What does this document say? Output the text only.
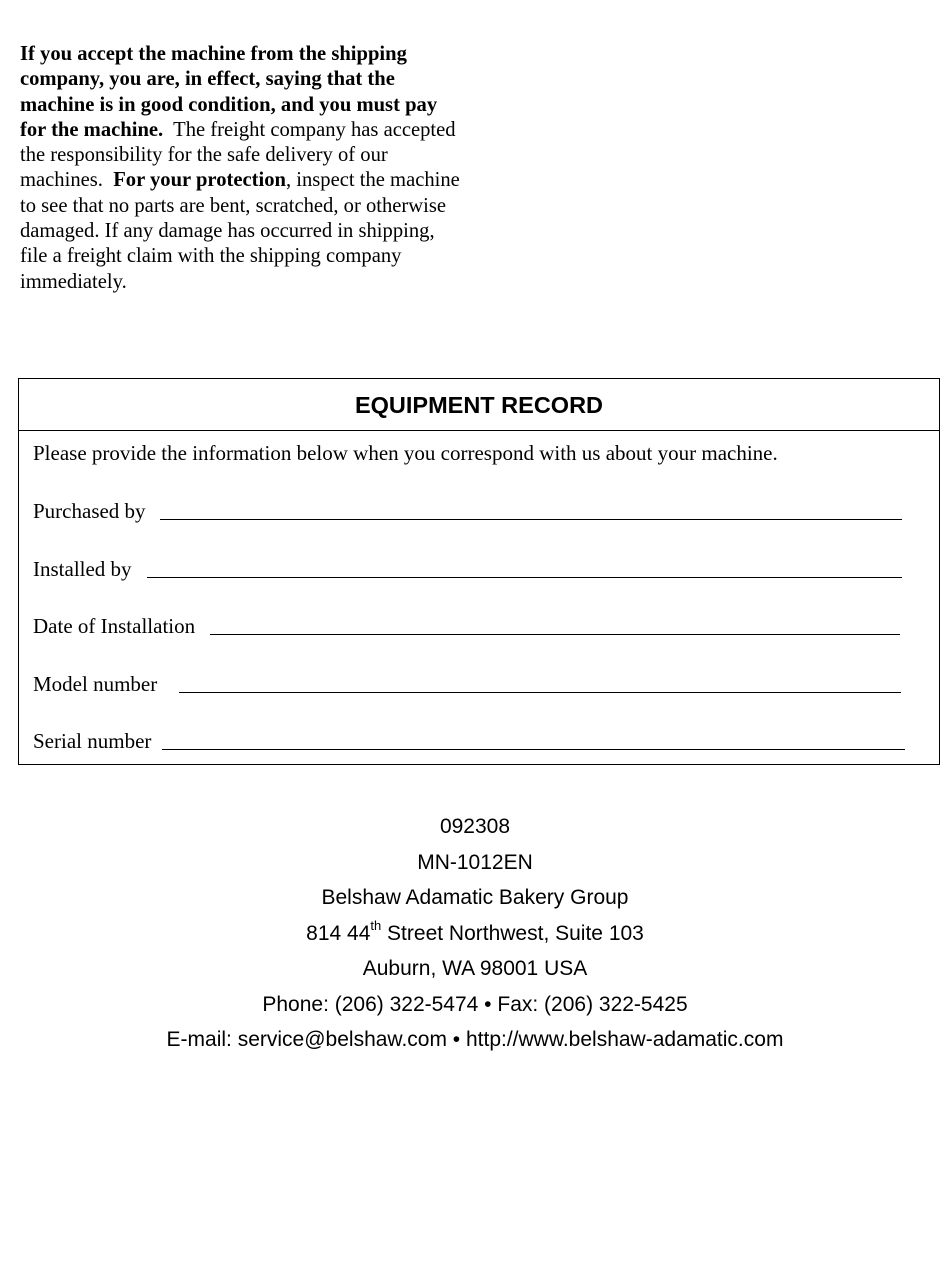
If you accept the machine from the shipping company, you are, in effect, saying that the machine is in good condition, and you must pay for the machine. The freight company has accepted the responsibility for the safe delivery of our machines. For your protection, inspect the machine to see that no parts are bent, scratched, or otherwise damaged. If any damage has occurred in shipping, file a freight claim with the shipping company immediately.
EQUIPMENT RECORD
Please provide the information below when you correspond with us about your machine.
Purchased by
Installed by
Date of Installation
Model number
Serial number
092308
MN-1012EN
Belshaw Adamatic Bakery Group
814 44th Street Northwest, Suite 103
Auburn, WA 98001 USA
Phone: (206) 322-5474 • Fax: (206) 322-5425
E-mail: service@belshaw.com • http://www.belshaw-adamatic.com
